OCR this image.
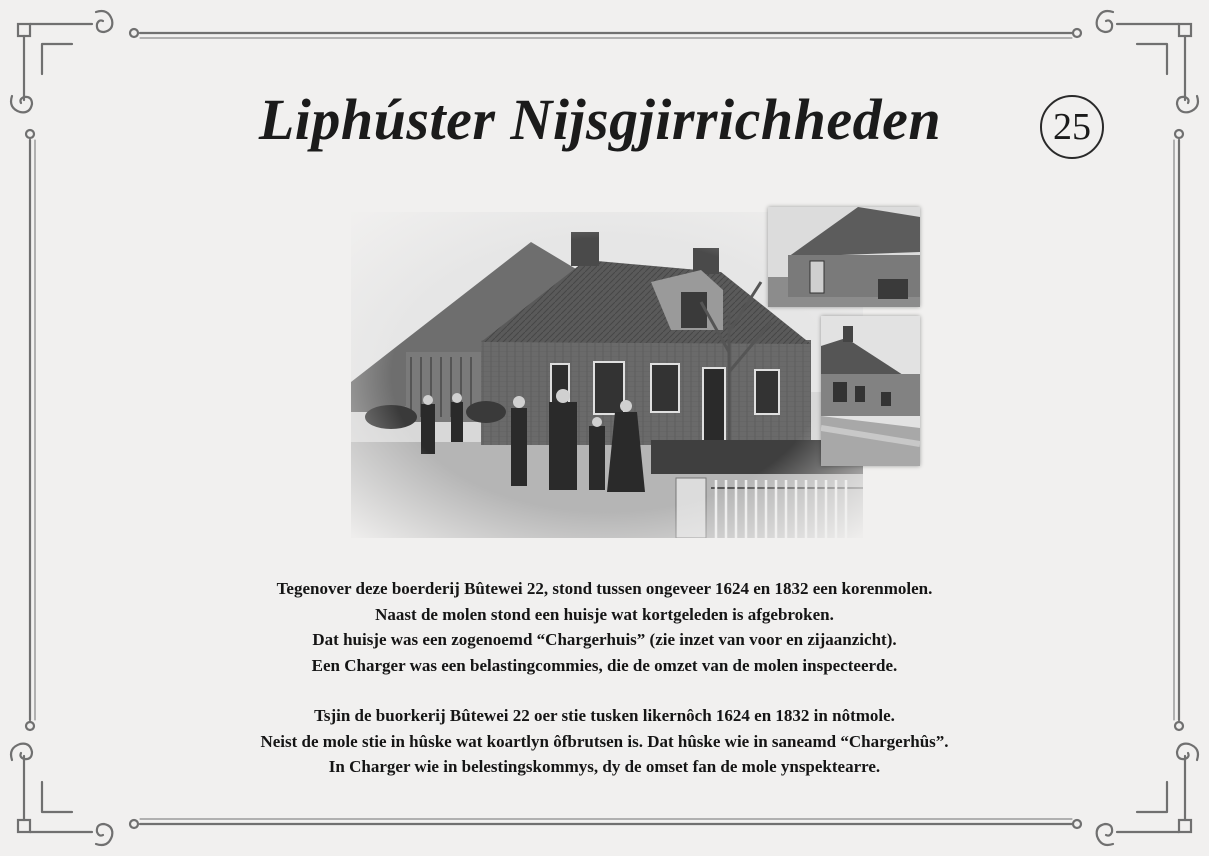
Liphúster Nijsgjirrichheden	25

Tegenover deze boerderij Bûtewei 22, stond tussen ongeveer 1624 en 1832 een korenmolen.

Naast de molen stond een huisje wat kortgeleden is afgebroken.

Dat huisje was een zogenoemd “Chargerhuis” (zie inzet van voor en zijaanzicht).

Een Charger was een belastingcommies, die de omzet van de molen inspecteerde.

Tsjin de buorkerij Bûtewei 22 oer stie tusken likernôch 1624 en 1832 in nôtmole.

Neist de mole stie in hûske wat koartlyn ôfbrutsen is. Dat hûske wie in saneamd “Chargerhûs”.

In Charger wie in belestingskommys, dy de omset fan de mole ynspektearre.
